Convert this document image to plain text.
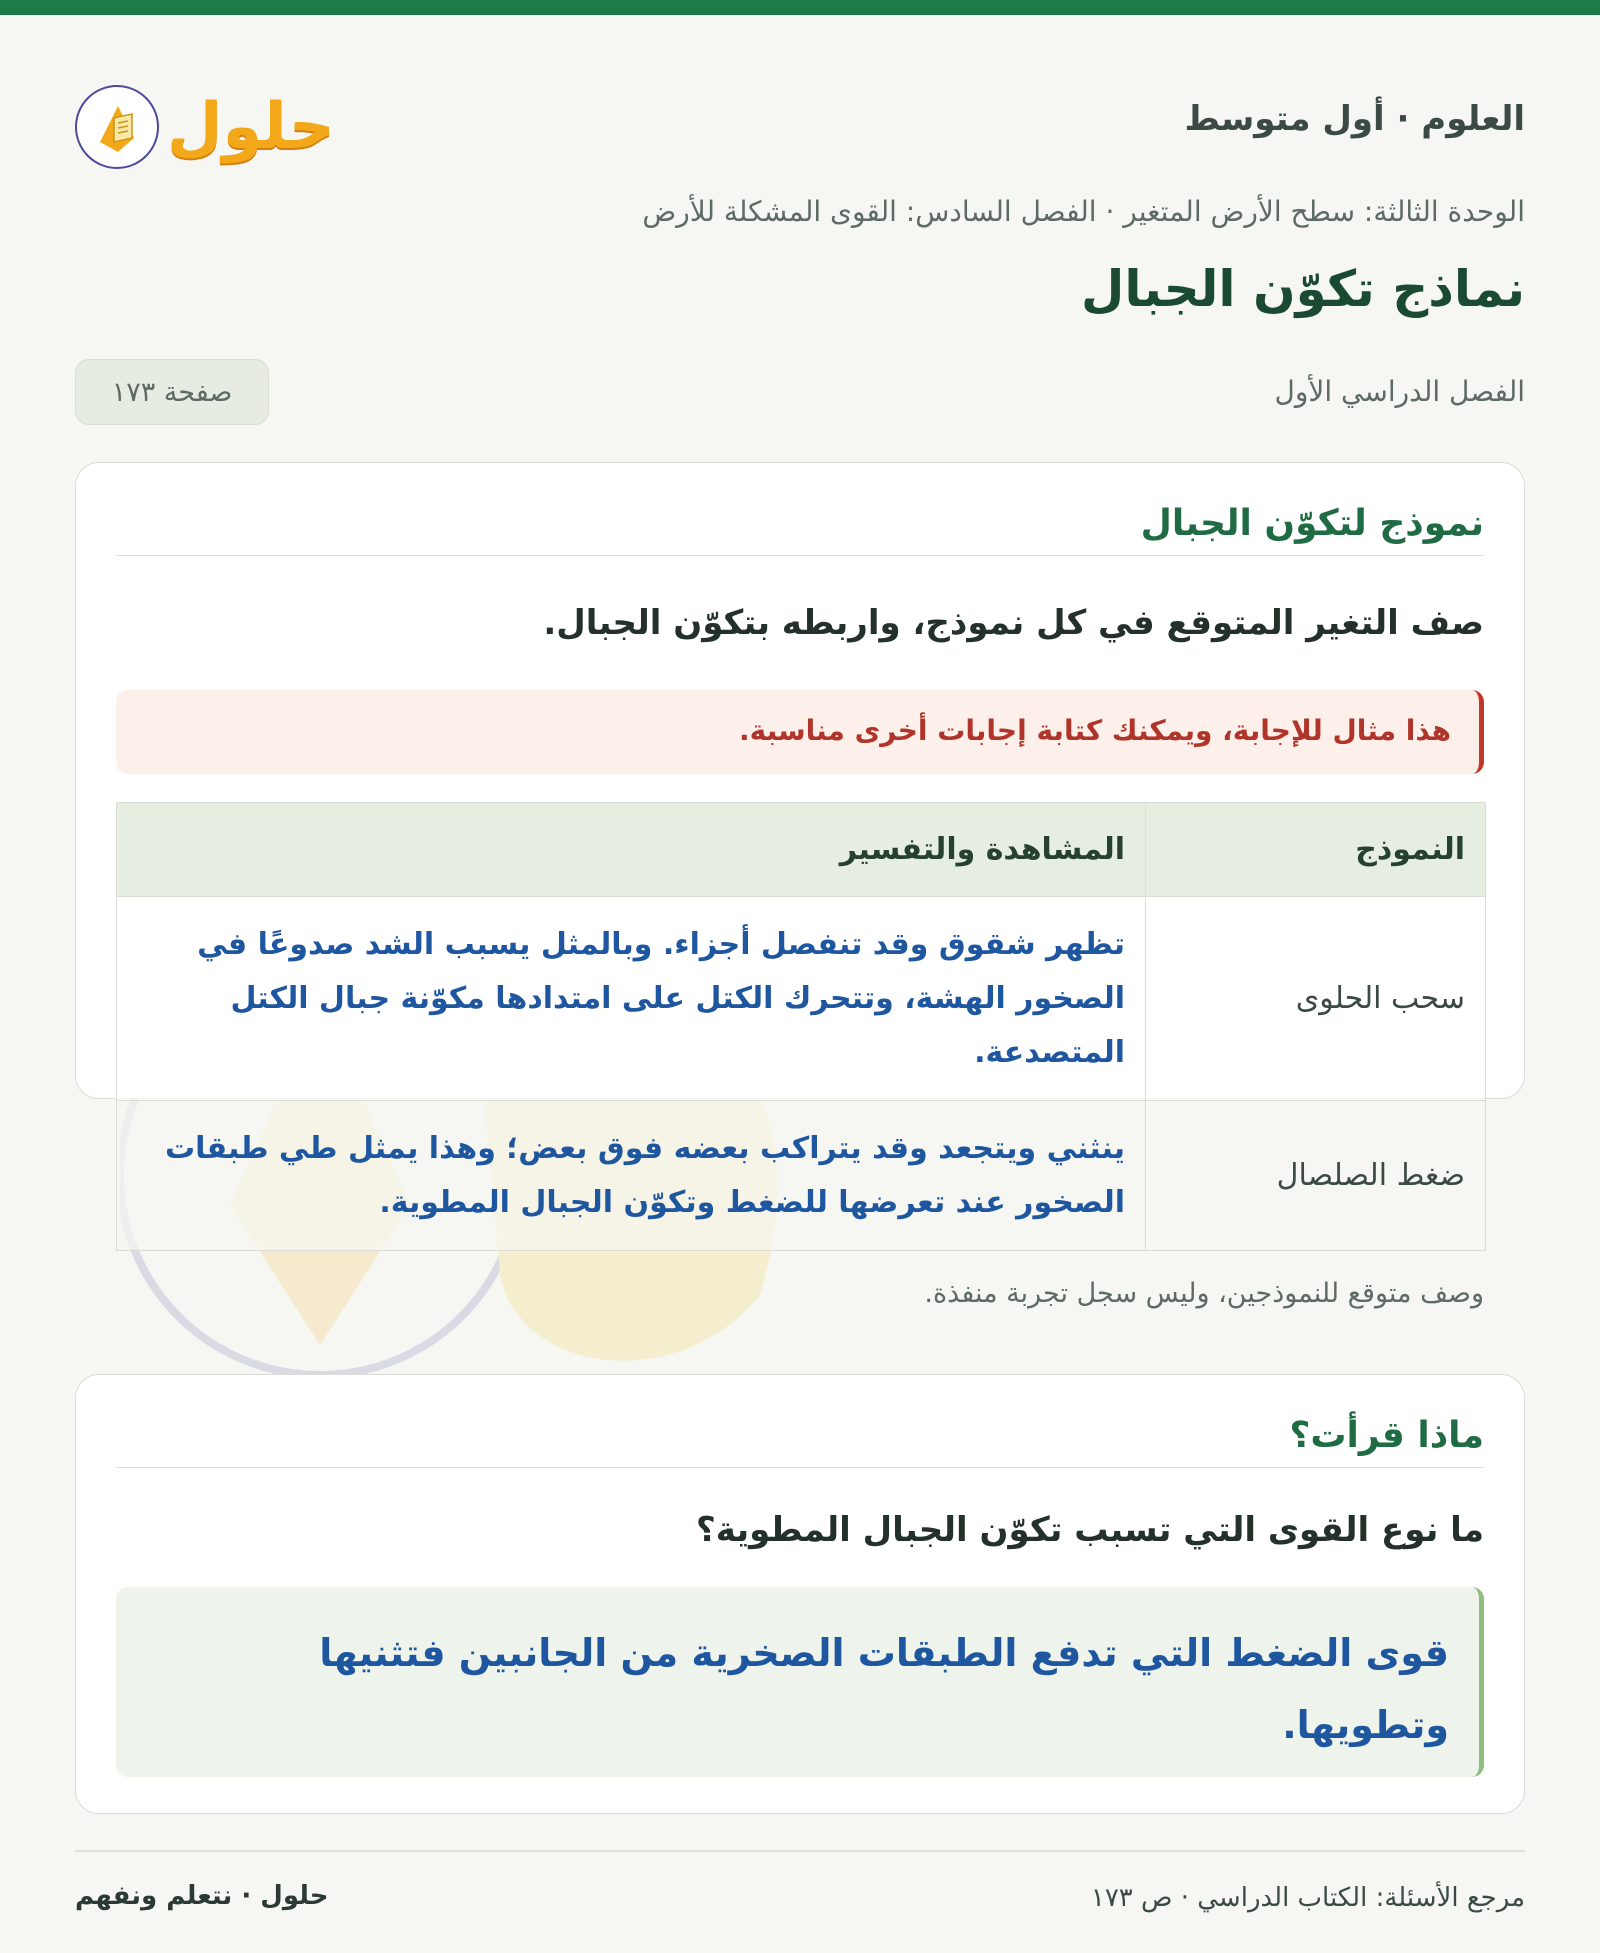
العلوم · أول متوسط
حلول
الوحدة الثالثة: سطح الأرض المتغير · الفصل السادس: القوى المشكلة للأرض
نماذج تكوّن الجبال
الفصل الدراسي الأول
صفحة ١٧٣
نموذج لتكوّن الجبال
صف التغير المتوقع في كل نموذج، واربطه بتكوّن الجبال.
هذا مثال للإجابة، ويمكنك كتابة إجابات أخرى مناسبة.
النموذج	المشاهدة والتفسير
سحب الحلوى	تظهر شقوق وقد تنفصل أجزاء. وبالمثل يسبب الشد صدوعًا في الصخور الهشة، وتتحرك الكتل على امتدادها مكوّنة جبال الكتل المتصدعة.
ضغط الصلصال	ينثني ويتجعد وقد يتراكب بعضه فوق بعض؛ وهذا يمثل طي طبقات الصخور عند تعرضها للضغط وتكوّن الجبال المطوية.
وصف متوقع للنموذجين، وليس سجل تجربة منفذة.
ماذا قرأت؟
ما نوع القوى التي تسبب تكوّن الجبال المطوية؟
قوى الضغط التي تدفع الطبقات الصخرية من الجانبين فتثنيها وتطويها.
مرجع الأسئلة: الكتاب الدراسي · ص ١٧٣
حلول · نتعلم ونفهم
